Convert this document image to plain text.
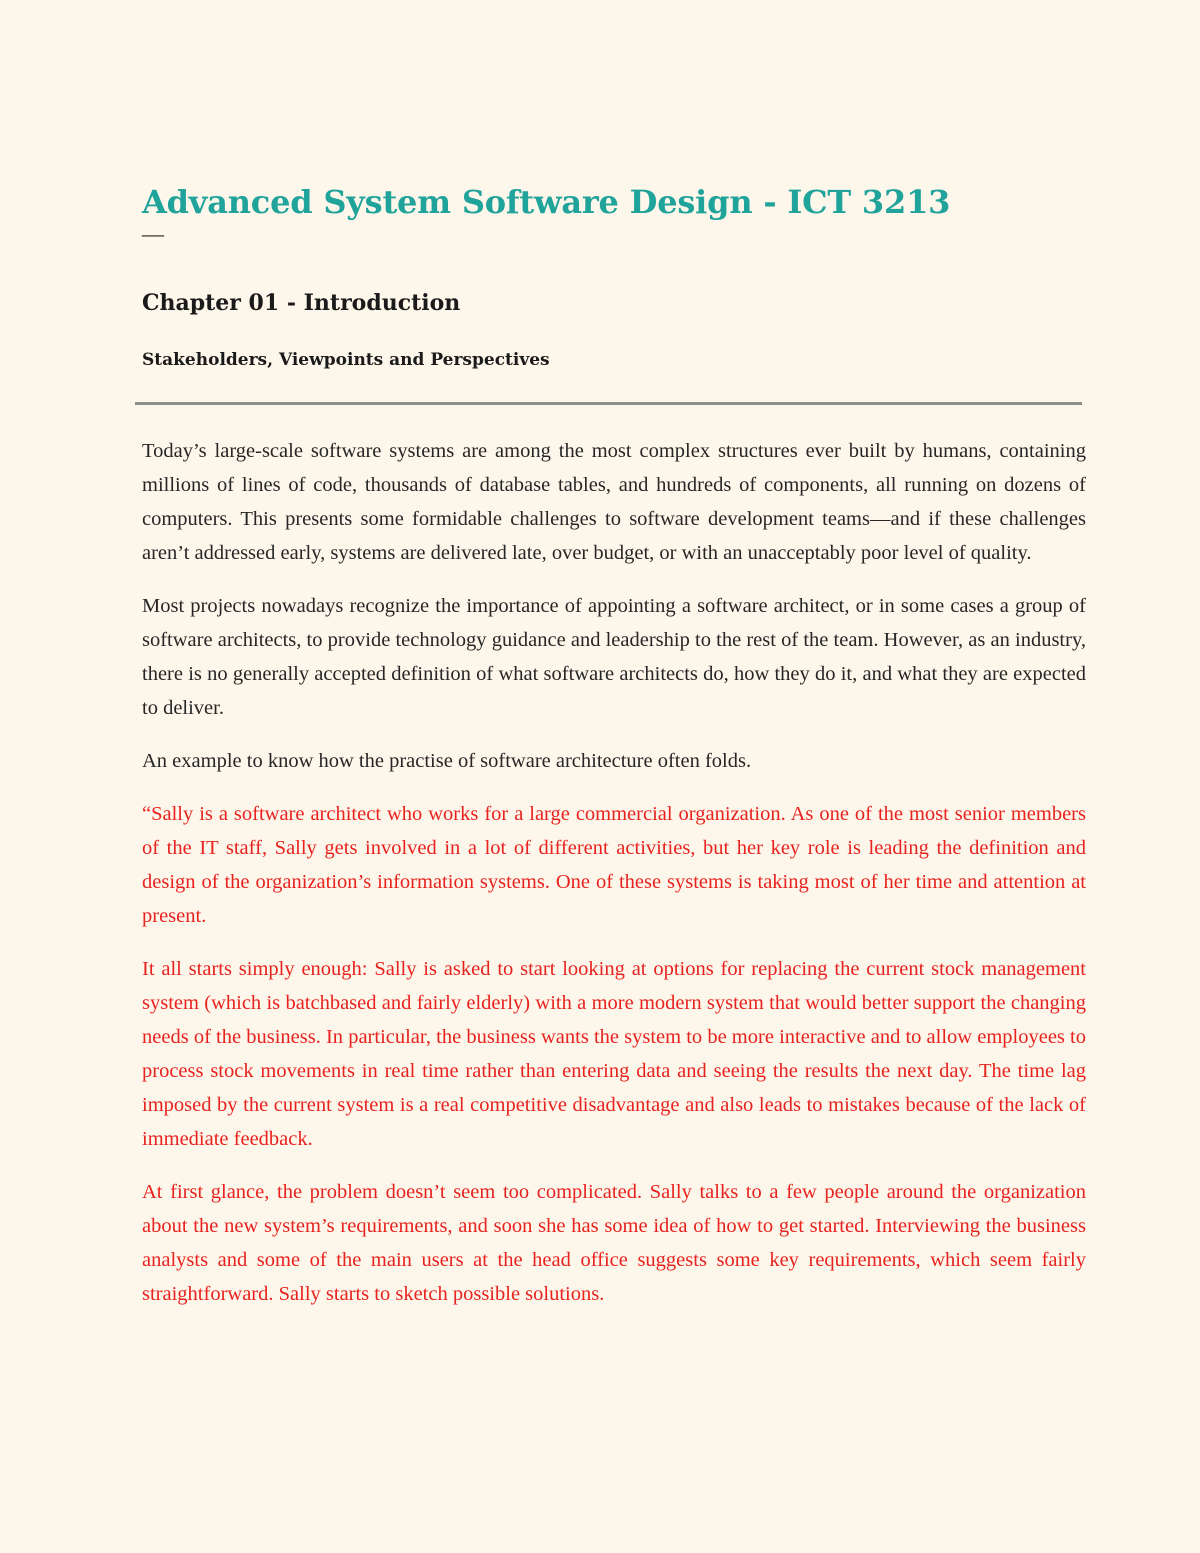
Advanced System Software Design - ICT 3213
—
Chapter 01 - Introduction
Stakeholders, Viewpoints and Perspectives

Today’s large-scale software systems are among the most complex structures ever built by humans, containing millions of lines of code, thousands of database tables, and hundreds of components, all running on dozens of computers. This presents some formidable challenges to software development teams—and if these challenges aren’t addressed early, systems are delivered late, over budget, or with an unacceptably poor level of quality.

Most projects nowadays recognize the importance of appointing a software architect, or in some cases a group of software architects, to provide technology guidance and leadership to the rest of the team. However, as an industry, there is no generally accepted definition of what software architects do, how they do it, and what they are expected to deliver.

An example to know how the practise of software architecture often folds.

“Sally is a software architect who works for a large commercial organization. As one of the most senior members of the IT staff, Sally gets involved in a lot of different activities, but her key role is leading the definition and design of the organization’s information systems. One of these systems is taking most of her time and attention at present.

It all starts simply enough: Sally is asked to start looking at options for replacing the current stock management system (which is batchbased and fairly elderly) with a more modern system that would better support the changing needs of the business. In particular, the business wants the system to be more interactive and to allow employees to process stock movements in real time rather than entering data and seeing the results the next day. The time lag imposed by the current system is a real competitive disadvantage and also leads to mistakes because of the lack of immediate feedback.

At first glance, the problem doesn’t seem too complicated. Sally talks to a few people around the organization about the new system’s requirements, and soon she has some idea of how to get started. Interviewing the business analysts and some of the main users at the head office suggests some key requirements, which seem fairly straightforward. Sally starts to sketch possible solutions.
